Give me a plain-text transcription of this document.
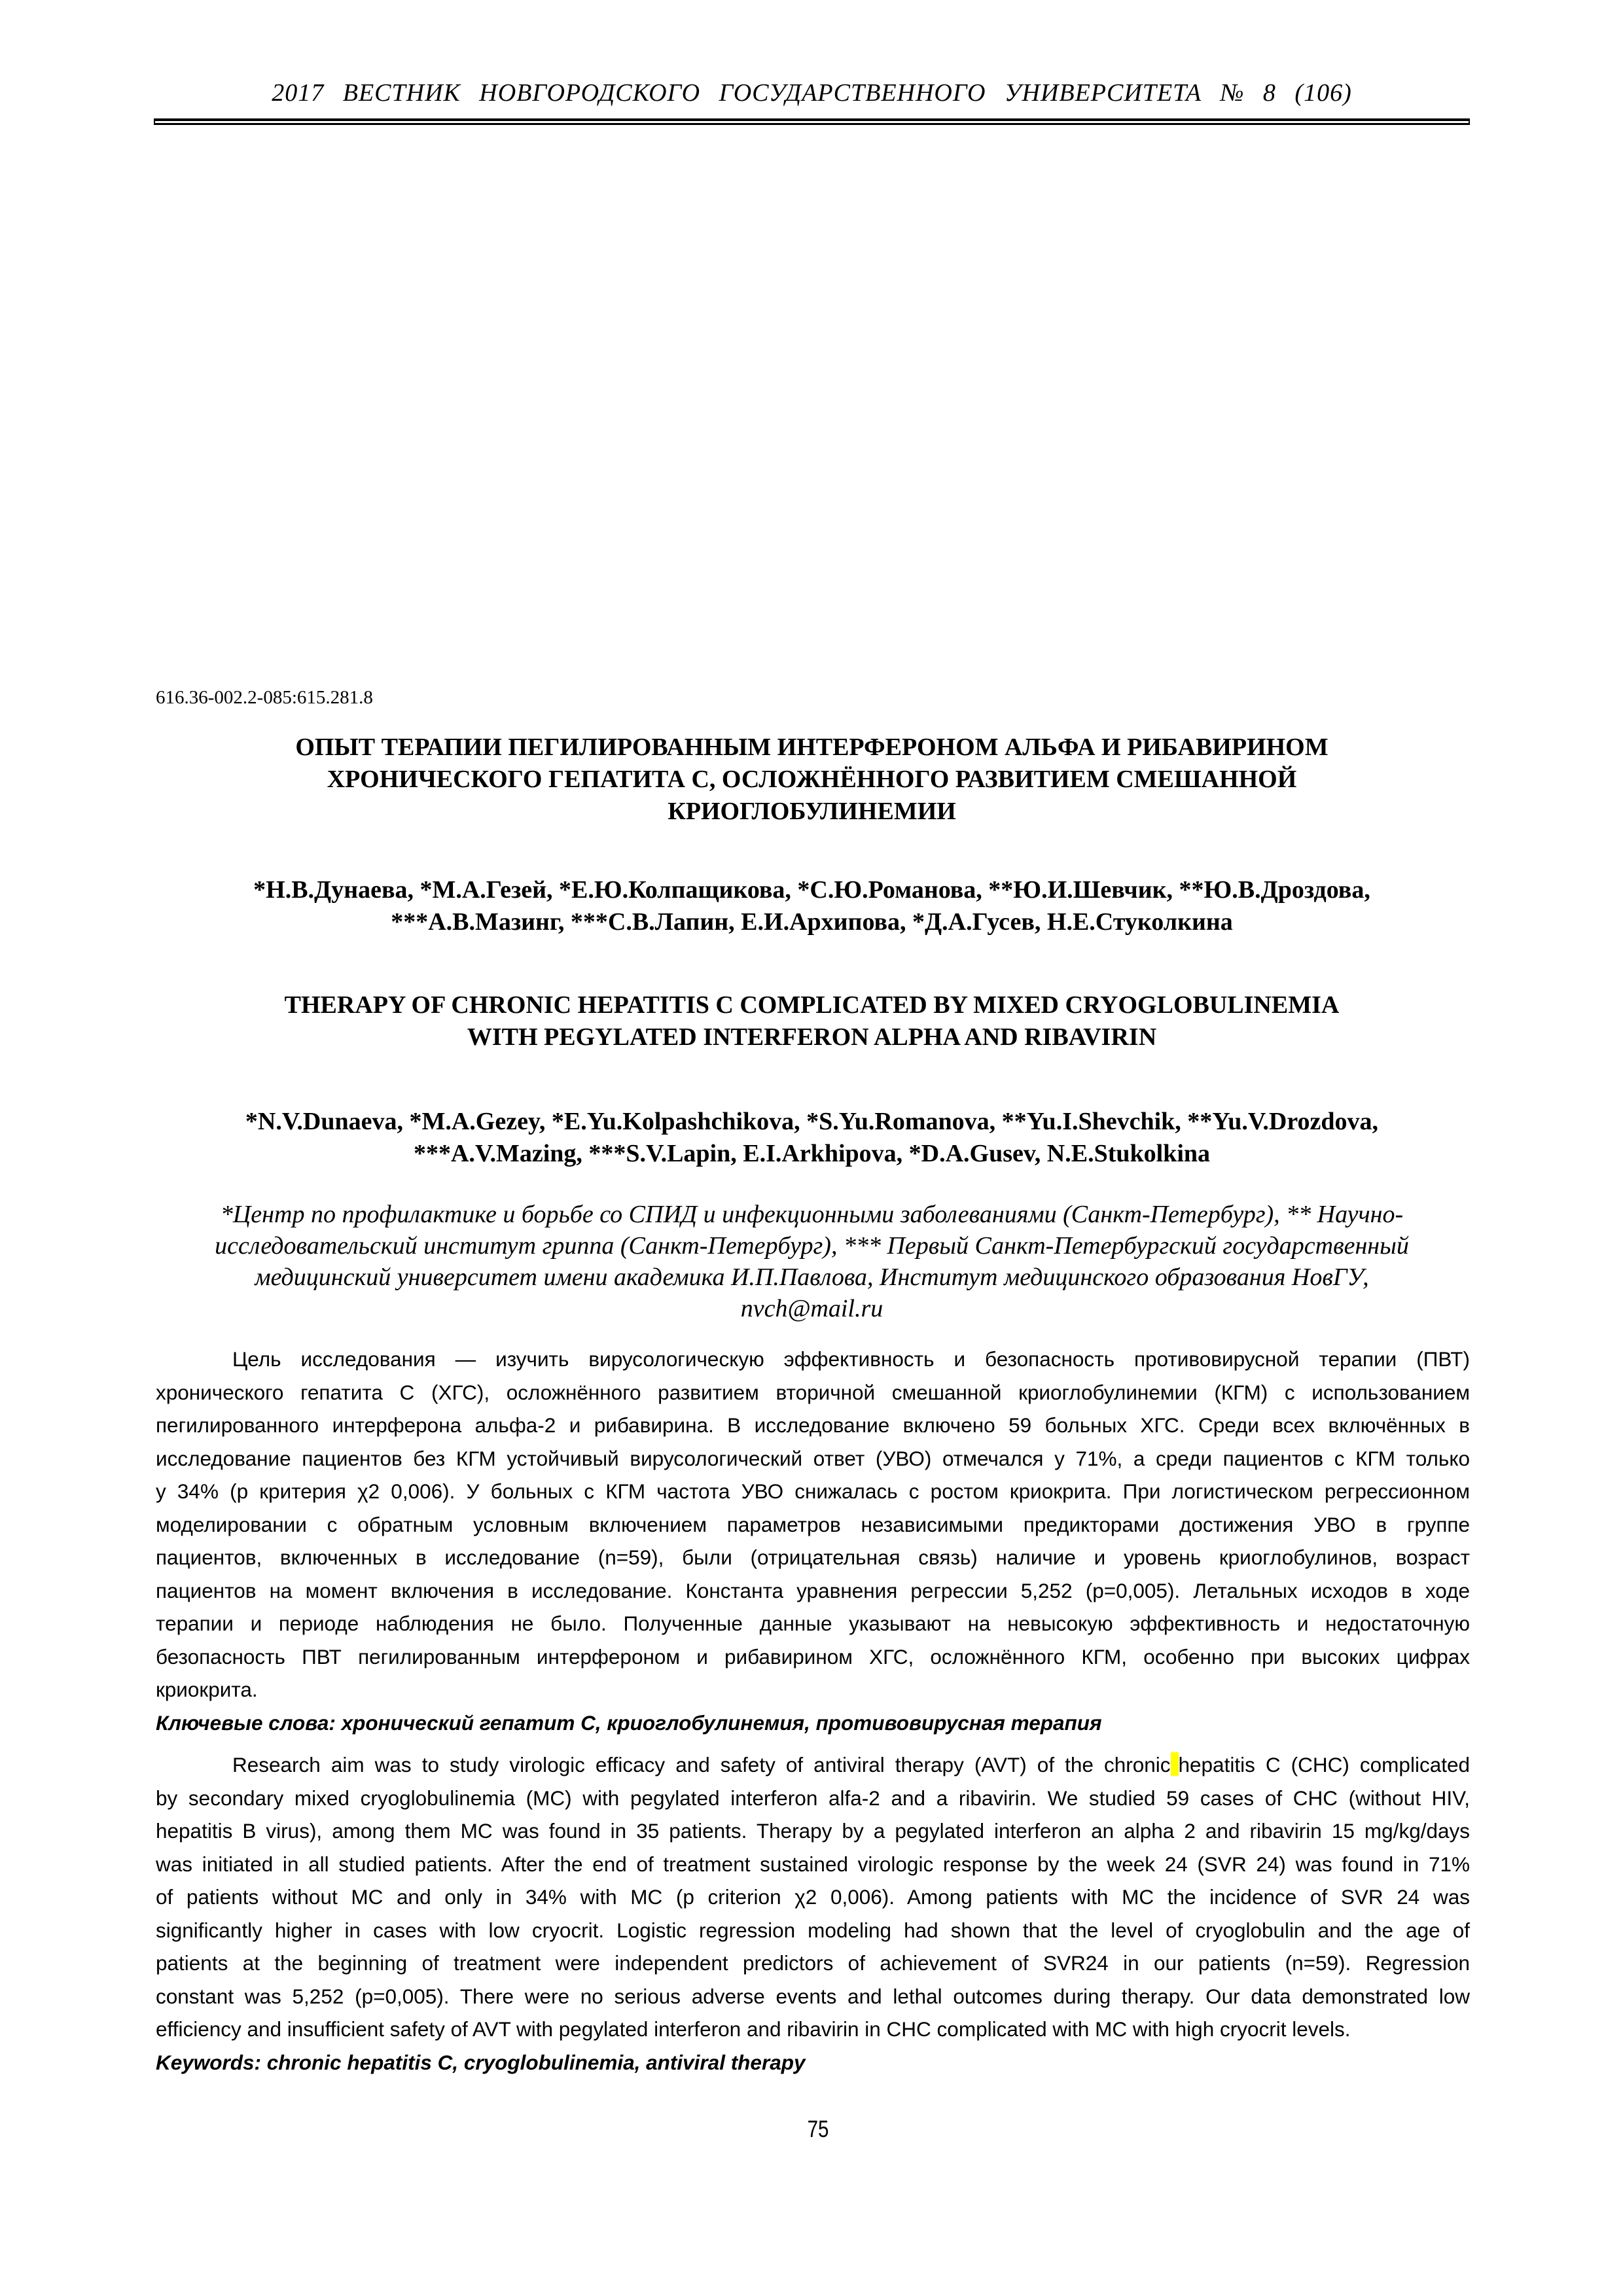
2017 ВЕСТНИК НОВГОРОДСКОГО ГОСУДАРСТВЕННОГО УНИВЕРСИТЕТА № 8 (106)
616.36-002.2-085:615.281.8
ОПЫТ ТЕРАПИИ ПЕГИЛИРОВАННЫМ ИНТЕРФЕРОНОМ АЛЬФА И РИБАВИРИНОМ
ХРОНИЧЕСКОГО ГЕПАТИТА С, ОСЛОЖНЁННОГО РАЗВИТИЕМ СМЕШАННОЙ
КРИОГЛОБУЛИНЕМИИ
*Н.В.Дунаева, *М.А.Гезей, *Е.Ю.Колпащикова, *С.Ю.Романова, **Ю.И.Шевчик, **Ю.В.Дроздова,
***А.В.Мазинг, ***С.В.Лапин, Е.И.Архипова, *Д.А.Гусев, Н.Е.Стуколкина
THERAPY OF CHRONIC HEPATITIS C COMPLICATED BY MIXED CRYOGLOBULINEMIA
WITH PEGYLATED INTERFERON ALPHA AND RIBAVIRIN
*N.V.Dunaeva, *M.A.Gezey, *E.Yu.Kolpashchikova, *S.Yu.Romanova, **Yu.I.Shevchik, **Yu.V.Drozdova,
***A.V.Mazing, ***S.V.Lapin, E.I.Arkhipova, *D.A.Gusev, N.E.Stukolkina
*Центр по профилактике и борьбе со СПИД и инфекционными заболеваниями (Санкт-Петербург), ** Научно-
исследовательский институт гриппа (Санкт-Петербург), *** Первый Санкт-Петербургский государственный
медицинский университет имени академика И.П.Павлова, Институт медицинского образования НовГУ,
nvch@mail.ru
Цель исследования — изучить вирусологическую эффективность и безопасность противовирусной терапии (ПВТ)
хронического гепатита С (ХГС), осложнённого развитием вторичной смешанной криоглобулинемии (КГМ) с использованием
пегилированного интерферона альфа-2 и рибавирина. В исследование включено 59 больных ХГС. Среди всех включённых в
исследование пациентов без КГМ устойчивый вирусологический ответ (УВО) отмечался у 71%, а среди пациентов с КГМ только
у 34% (р критерия χ2 0,006). У больных с КГМ частота УВО снижалась с ростом криокрита. При логистическом регрессионном
моделировании с обратным условным включением параметров независимыми предикторами достижения УВО в группе
пациентов, включенных в исследование (n=59), были (отрицательная связь) наличие и уровень криоглобулинов, возраст
пациентов на момент включения в исследование. Константа уравнения регрессии 5,252 (р=0,005). Летальных исходов в ходе
терапии и периоде наблюдения не было. Полученные данные указывают на невысокую эффективность и недостаточную
безопасность ПВТ пегилированным интерфероном и рибавирином ХГС, осложнённого КГМ, особенно при высоких цифрах
криокрита.
Ключевые слова: хронический гепатит С, криоглобулинемия, противовирусная терапия
Research aim was to study virologic efficacy and safety of antiviral therapy (AVT) of the chronic hepatitis C (CHC) complicated
by secondary mixed cryoglobulinemia (MC) with pegylated interferon alfa-2 and a ribavirin. We studied 59 cases of CHC (without HIV,
hepatitis B virus), among them MC was found in 35 patients. Therapy by a pegylated interferon an alpha 2 and ribavirin 15 mg/kg/days
was initiated in all studied patients. After the end of treatment sustained virologic response by the week 24 (SVR 24) was found in 71%
of patients without MC and only in 34% with MC (p criterion χ2 0,006). Among patients with MC the incidence of SVR 24 was
significantly higher in cases with low cryocrit. Logistic regression modeling had shown that the level of cryoglobulin and the age of
patients at the beginning of treatment were independent predictors of achievement of SVR24 in our patients (n=59). Regression
constant was 5,252 (p=0,005). There were no serious adverse events and lethal outcomes during therapy. Our data demonstrated low
efficiency and insufficient safety of AVT with pegylated interferon and ribavirin in CHC complicated with MC with high cryocrit levels.
Keywords: chronic hepatitis C, cryoglobulinemia, antiviral therapy
75
